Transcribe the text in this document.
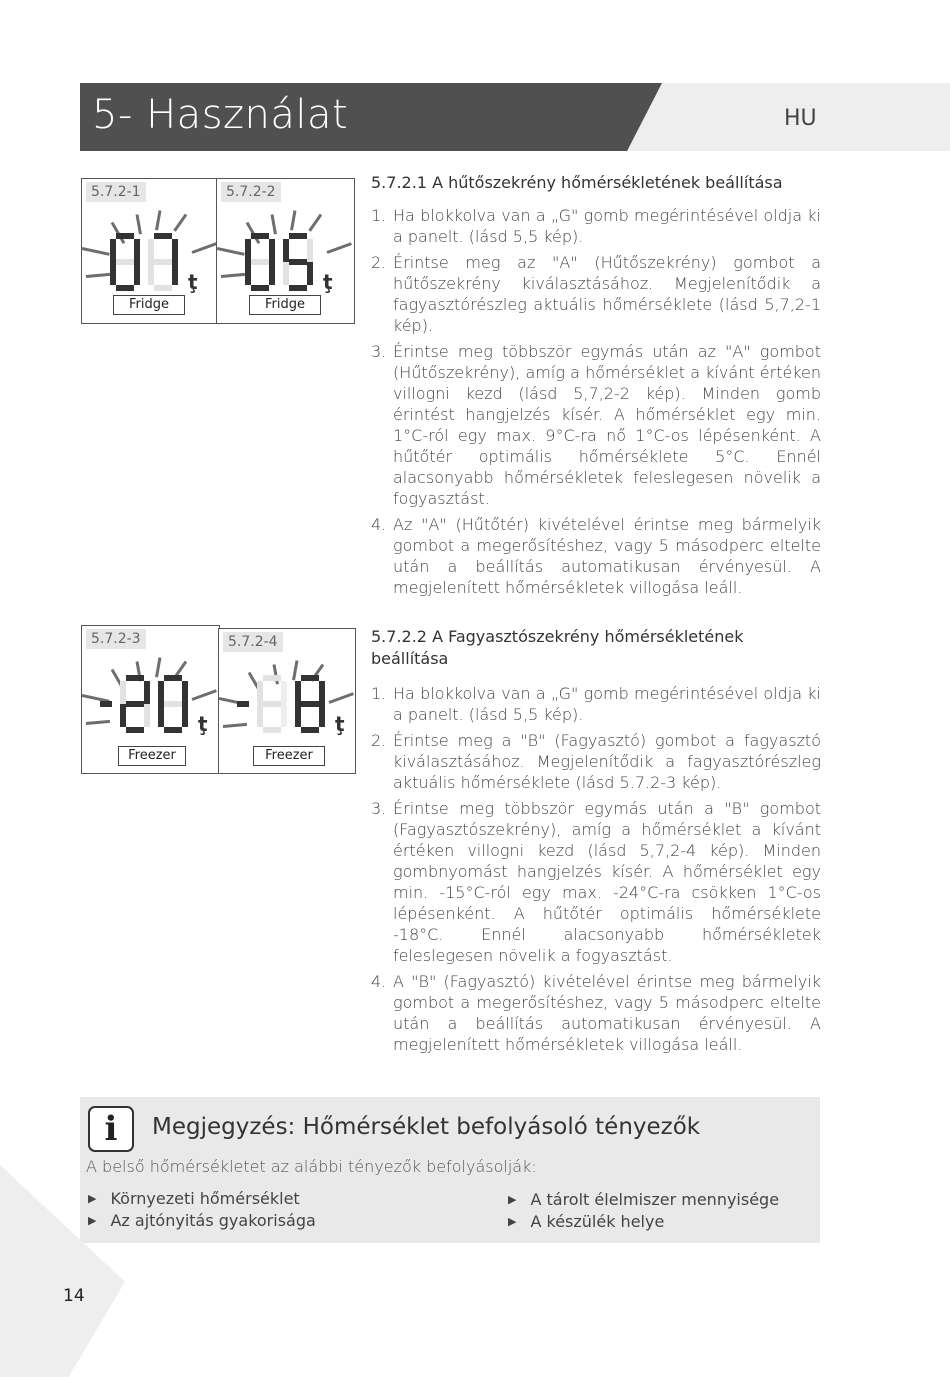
5- Használat	HU
5.7.2-1
ţ
Fridge
5.7.2-2
ţ
Fridge
5.7.2-3
ţ
Freezer
5.7.2-4
ţ
Freezer
5.7.2.1 A hűtőszekrény hőmérsékletének beállítása
1. Ha blokkolva van a „G" gomb megérintésével oldja ki a panelt. (lásd 5,5 kép).
2. Érintse meg az "A" (Hűtőszekrény) gombot a hűtőszekrény kiválasztásához. Megjelenítődik a fagyasztórészleg aktuális hőmérséklete (lásd 5,7,2-1 kép).
3. Érintse meg többször egymás után az "A" gombot (Hűtőszekrény), amíg a hőmérséklet a kívánt értéken villogni kezd (lásd 5,7,2-2 kép). Minden gomb érintést hangjelzés kísér. A hőmérséklet egy min. 1°C-ról egy max. 9°C-ra nő 1°C-os lépésenként. A hűtőtér optimális hőmérséklete 5°C. Ennél alacsonyabb hőmérsékletek feleslegesen növelik a fogyasztást.
4. Az "A" (Hűtőtér) kivételével érintse meg bármelyik gombot a megerősítéshez, vagy 5 másodperc eltelte után a beállítás automatikusan érvényesül. A megjelenített hőmérsékletek villogása leáll.
5.7.2.2 A Fagyasztószekrény hőmérsékletének beállítása
1. Ha blokkolva van a „G" gomb megérintésével oldja ki a panelt. (lásd 5,5 kép).
2. Érintse meg a "B" (Fagyasztó) gombot a fagyasztó kiválasztásához. Megjelenítődik a fagyasztórészleg aktuális hőmérséklete (lásd 5.7.2-3 kép).
3. Érintse meg többször egymás után a "B" gombot (Fagyasztószekrény), amíg a hőmérséklet a kívánt értéken villogni kezd (lásd 5,7,2-4 kép). Minden gombnyomást hangjelzés kísér. A hőmérséklet egy min. -15°C-ról egy max. -24°C-ra csökken 1°C-os lépésenként. A hűtőtér optimális hőmérséklete -18°C. Ennél alacsonyabb hőmérsékletek feleslegesen növelik a fogyasztást.
4. A "B" (Fagyasztó) kivételével érintse meg bármelyik gombot a megerősítéshez, vagy 5 másodperc eltelte után a beállítás automatikusan érvényesül. A megjelenített hőmérsékletek villogása leáll.
i	Megjegyzés: Hőmérséklet befolyásoló tényezők
A belső hőmérsékletet az alábbi tényezők befolyásolják:
▶ Környezeti hőmérséklet
▶ Az ajtónyitás gyakorisága
▶ A tárolt élelmiszer mennyisége
▶ A készülék helye
14
